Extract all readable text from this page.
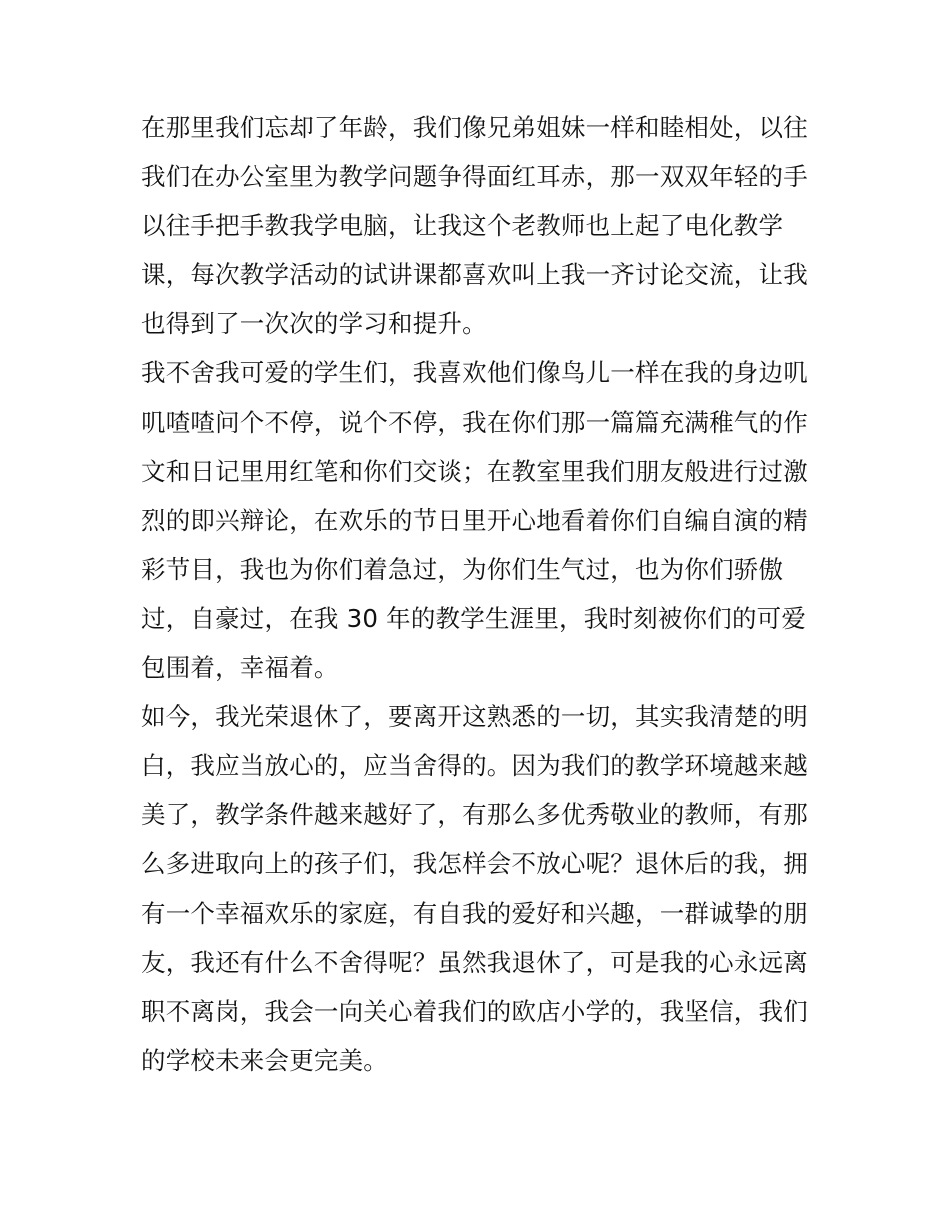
在那里我们忘却了年龄，我们像兄弟姐妹一样和睦相处，以往
我们在办公室里为教学问题争得面红耳赤，那一双双年轻的手
以往手把手教我学电脑，让我这个老教师也上起了电化教学
课，每次教学活动的试讲课都喜欢叫上我一齐讨论交流，让我
也得到了一次次的学习和提升。
我不舍我可爱的学生们，我喜欢他们像鸟儿一样在我的身边叽
叽喳喳问个不停，说个不停，我在你们那一篇篇充满稚气的作
文和日记里用红笔和你们交谈；在教室里我们朋友般进行过激
烈的即兴辩论，在欢乐的节日里开心地看着你们自编自演的精
彩节目，我也为你们着急过，为你们生气过，也为你们骄傲
过，自豪过，在我 30 年的教学生涯里，我时刻被你们的可爱
包围着，幸福着。
如今，我光荣退休了，要离开这熟悉的一切，其实我清楚的明
白，我应当放心的，应当舍得的。因为我们的教学环境越来越
美了，教学条件越来越好了，有那么多优秀敬业的教师，有那
么多进取向上的孩子们，我怎样会不放心呢？退休后的我，拥
有一个幸福欢乐的家庭，有自我的爱好和兴趣，一群诚挚的朋
友，我还有什么不舍得呢？虽然我退休了，可是我的心永远离
职不离岗，我会一向关心着我们的欧店小学的，我坚信，我们
的学校未来会更完美。
